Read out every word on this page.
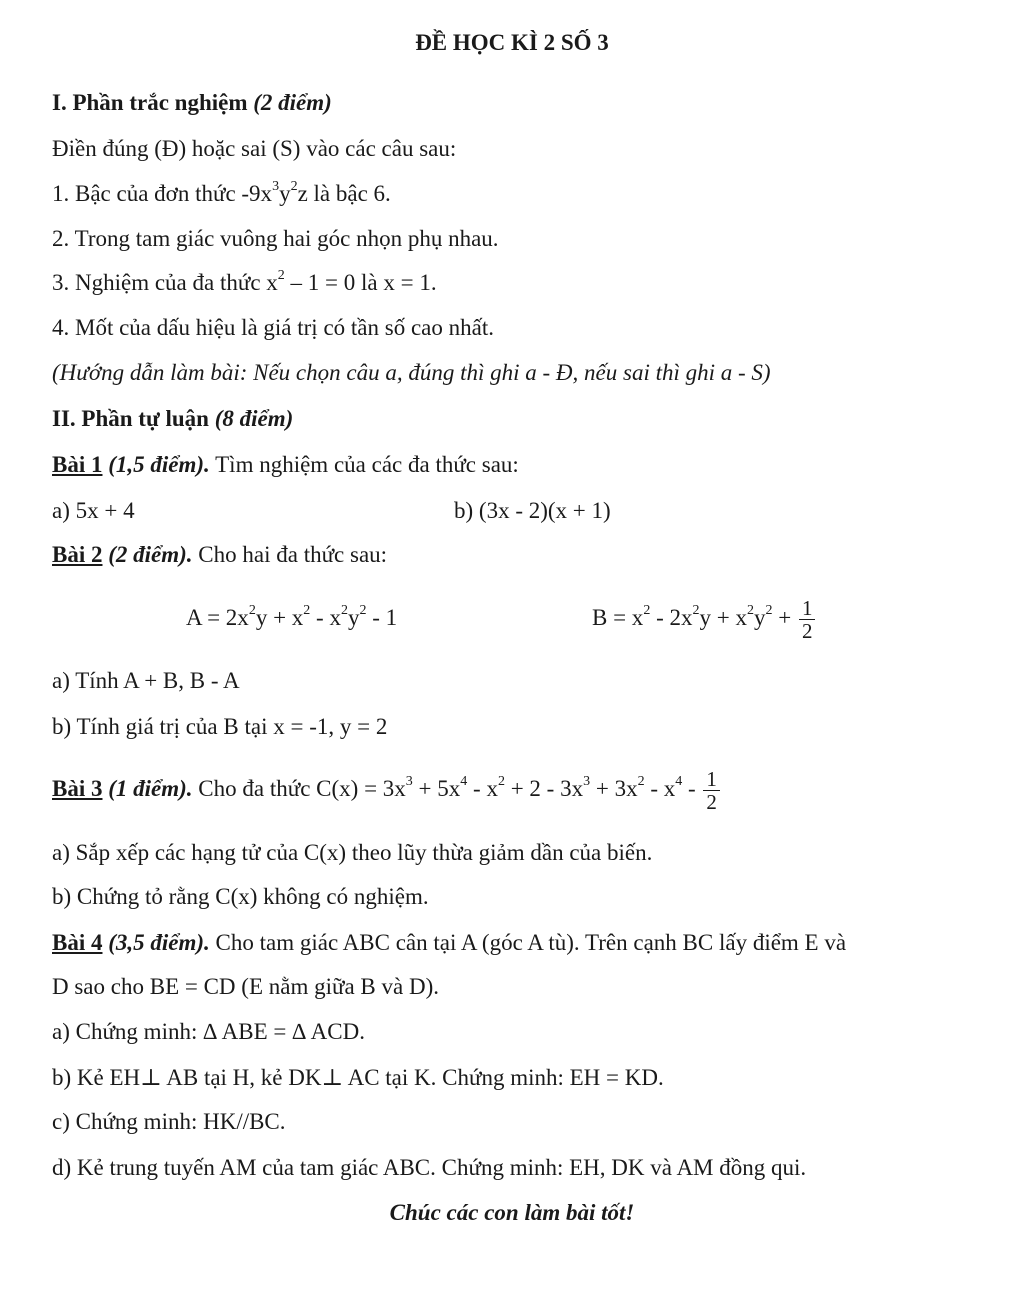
ĐỀ HỌC KÌ 2 SỐ 3
I. Phần trắc nghiệm (2 điểm)
Điền đúng (Đ) hoặc sai (S) vào các câu sau:
1. Bậc của đơn thức $-9x^3y^2z$ là bậc 6.
2. Trong tam giác vuông hai góc nhọn phụ nhau.
3. Nghiệm của đa thức $x^2 - 1 = 0$ là x = 1.
4. Mốt của dấu hiệu là giá trị có tần số cao nhất.
(Hướng dẫn làm bài: Nếu chọn câu a, đúng thì ghi a - Đ, nếu sai thì ghi a - S)
II. Phần tự luận (8 điểm)
Bài 1 (1,5 điểm). Tìm nghiệm của các đa thức sau:
a) 5x + 4	b) (3x - 2)(x + 1)
Bài 2 (2 điểm). Cho hai đa thức sau:
$A = 2x^2y + x^2 - x^2y^2 - 1$	$B = x^2 - 2x^2y + x^2y^2 + \frac{1}{2}$
a) Tính A + B, B - A
b) Tính giá trị của B tại x = -1, y = 2
Bài 3 (1 điểm). Cho đa thức $C(x) = 3x^3 + 5x^4 - x^2 + 2 - 3x^3 + 3x^2 - x^4 - \frac{1}{2}$
a) Sắp xếp các hạng tử của C(x) theo lũy thừa giảm dần của biến.
b) Chứng tỏ rằng C(x) không có nghiệm.
Bài 4 (3,5 điểm). Cho tam giác ABC cân tại A (góc A tù). Trên cạnh BC lấy điểm E và
D sao cho BE = CD (E nằm giữa B và D).
a) Chứng minh: ∆ ABE = ∆ ACD.
b) Kẻ EH⊥ AB tại H, kẻ DK⊥ AC tại K. Chứng minh: EH = KD.
c) Chứng minh: HK//BC.
d) Kẻ trung tuyến AM của tam giác ABC. Chứng minh: EH, DK và AM đồng qui.
Chúc các con làm bài tốt!
